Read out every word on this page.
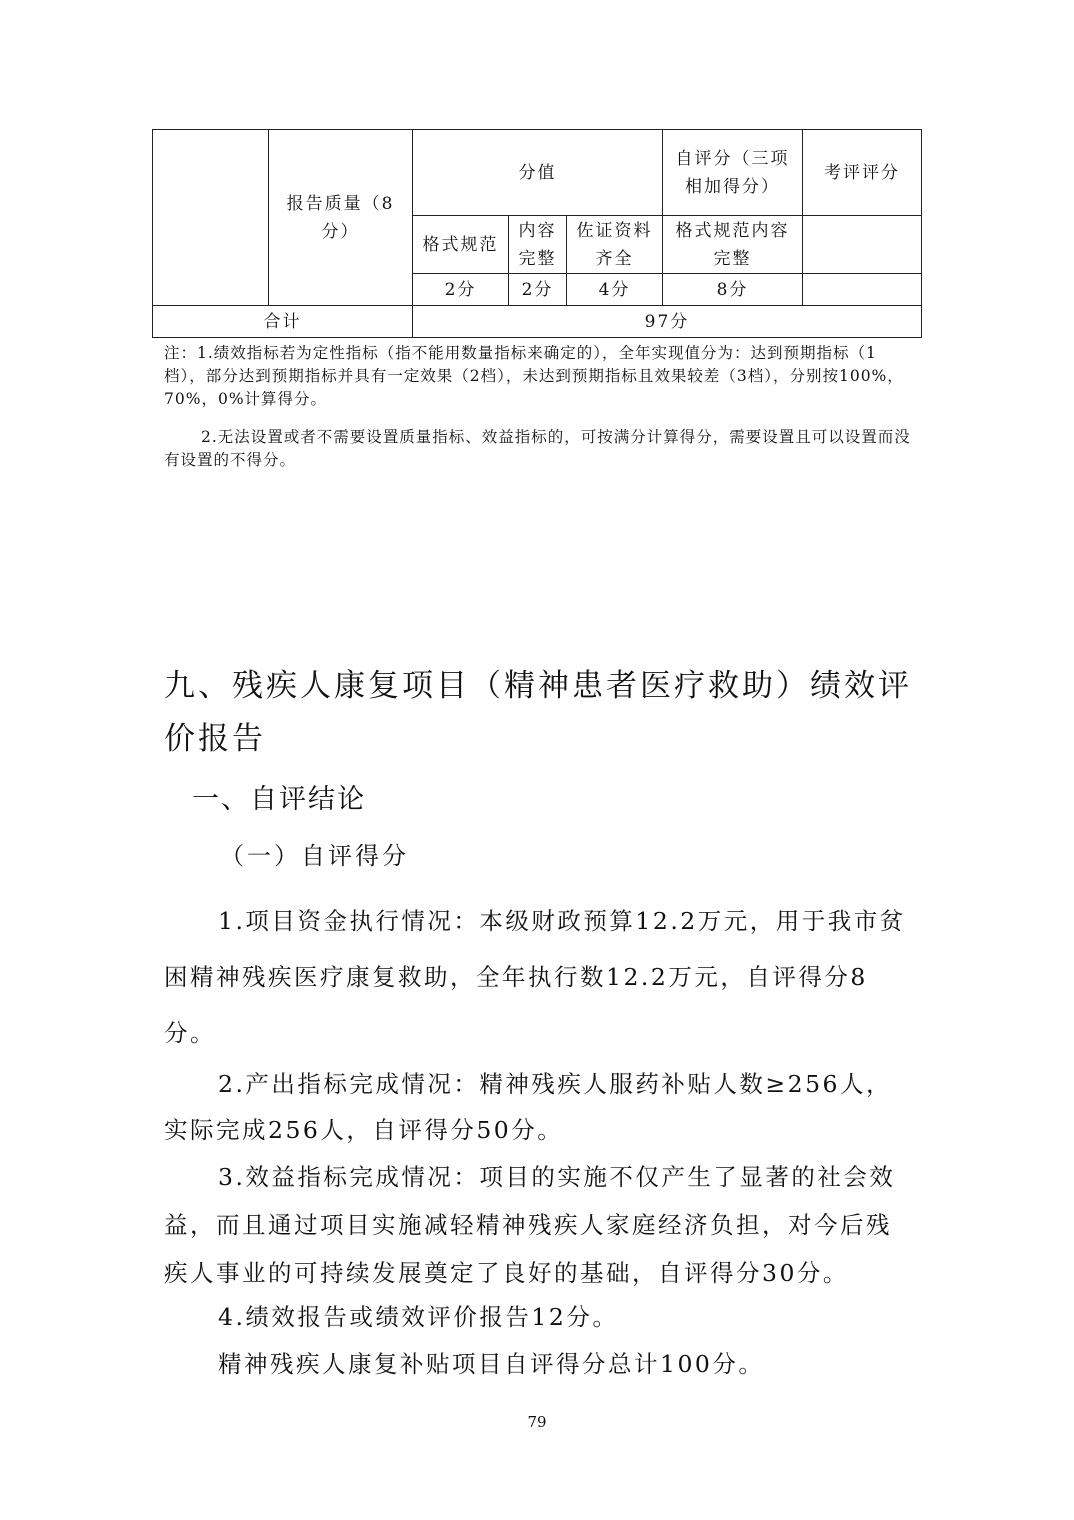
	报告质量（8分）	分值			自评分（三项相加得分）	考评评分
		格式规范	内容完整	佐证资料齐全	格式规范内容完整	
		2分	2分	4分	8分	
合计		97分				
注：1.绩效指标若为定性指标（指不能用数量指标来确定的），全年实现值分为：达到预期指标（1档），部分达到预期指标并具有一定效果（2档），未达到预期指标且效果较差（3档），分别按100%，70%，0%计算得分。
2.无法设置或者不需要设置质量指标、效益指标的，可按满分计算得分，需要设置且可以设置而没有设置的不得分。
九、残疾人康复项目（精神患者医疗救助）绩效评价报告
一、自评结论
（一）自评得分
1.项目资金执行情况：本级财政预算12.2万元，用于我市贫困精神残疾医疗康复救助，全年执行数12.2万元，自评得分8分。
2.产出指标完成情况：精神残疾人服药补贴人数≥256人，实际完成256人，自评得分50分。
3.效益指标完成情况：项目的实施不仅产生了显著的社会效益，而且通过项目实施减轻精神残疾人家庭经济负担，对今后残疾人事业的可持续发展奠定了良好的基础，自评得分30分。
4.绩效报告或绩效评价报告12分。
精神残疾人康复补贴项目自评得分总计100分。
79
